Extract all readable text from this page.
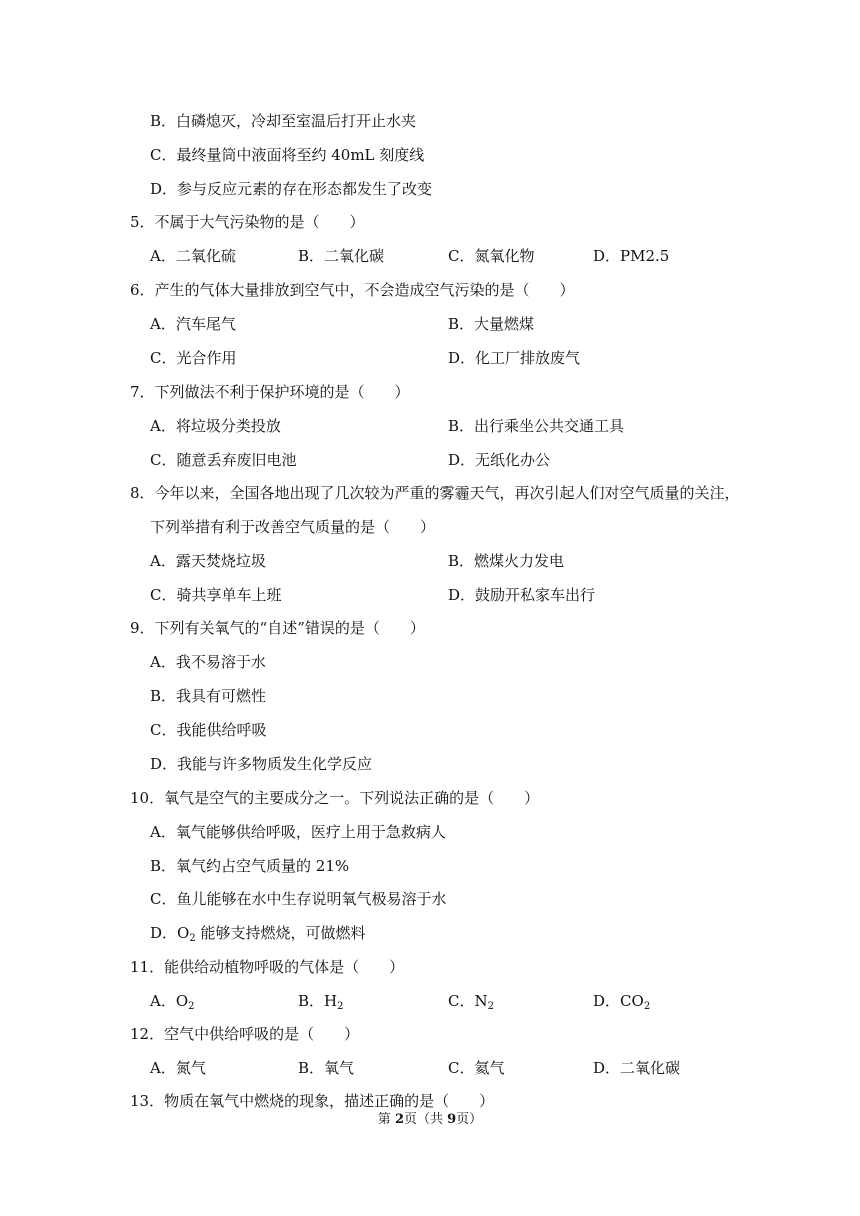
B．白磷熄灭，冷却至室温后打开止水夹
C．最终量筒中液面将至约 40mL 刻度线
D．参与反应元素的存在形态都发生了改变
5．不属于大气污染物的是（　　）
A．二氧化硫	B．二氧化碳	C．氮氧化物	D．PM2.5
6．产生的气体大量排放到空气中，不会造成空气污染的是（　　）
A．汽车尾气	B．大量燃煤
C．光合作用	D．化工厂排放废气
7．下列做法不利于保护环境的是（　　）
A．将垃圾分类投放	B．出行乘坐公共交通工具
C．随意丢弃废旧电池	D．无纸化办公
8．今年以来，全国各地出现了几次较为严重的雾霾天气，再次引起人们对空气质量的关注，
下列举措有利于改善空气质量的是（　　）
A．露天焚烧垃圾	B．燃煤火力发电
C．骑共享单车上班	D．鼓励开私家车出行
9．下列有关氧气的“自述”错误的是（　　）
A．我不易溶于水
B．我具有可燃性
C．我能供给呼吸
D．我能与许多物质发生化学反应
10．氧气是空气的主要成分之一。下列说法正确的是（　　）
A．氧气能够供给呼吸，医疗上用于急救病人
B．氧气约占空气质量的 21%
C．鱼儿能够在水中生存说明氧气极易溶于水
D．$O_2$ 能够支持燃烧，可做燃料
11．能供给动植物呼吸的气体是（　　）
A．$O_2$	B．$H_2$	C．$N_2$	D．$CO_2$
12．空气中供给呼吸的是（　　）
A．氮气	B．氧气	C．氦气	D．二氧化碳
13．物质在氧气中燃烧的现象，描述正确的是（　　）
第 2页（共 9页）
